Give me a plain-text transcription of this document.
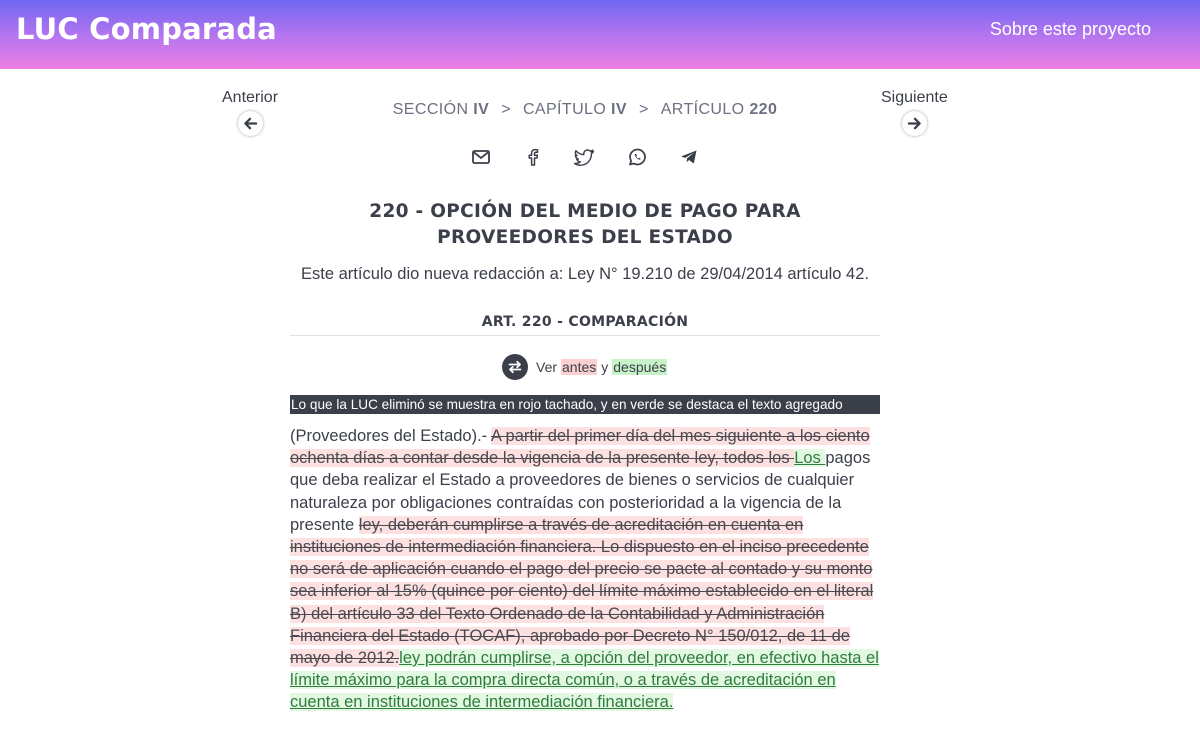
LUC Comparada	Sobre este proyecto
Anterior	Siguiente
SECCIÓN IV > CAPÍTULO IV > ARTÍCULO 220
220 - OPCIÓN DEL MEDIO DE PAGO PARA PROVEEDORES DEL ESTADO
Este artículo dio nueva redacción a: Ley N° 19.210 de 29/04/2014 artículo 42.
ART. 220 - COMPARACIÓN
Ver antes y después
Lo que la LUC eliminó se muestra en rojo tachado, y en verde se destaca el texto agregado
(Proveedores del Estado).- A partir del primer día del mes siguiente a los ciento ochenta días a contar desde la vigencia de la presente ley, todos los Los pagos que deba realizar el Estado a proveedores de bienes o servicios de cualquier naturaleza por obligaciones contraídas con posterioridad a la vigencia de la presente ley, deberán cumplirse a través de acreditación en cuenta en instituciones de intermediación financiera. Lo dispuesto en el inciso precedente no será de aplicación cuando el pago del precio se pacte al contado y su monto sea inferior al 15% (quince por ciento) del límite máximo establecido en el literal B) del artículo 33 del Texto Ordenado de la Contabilidad y Administración Financiera del Estado (TOCAF), aprobado por Decreto N° 150/012, de 11 de mayo de 2012.ley podrán cumplirse, a opción del proveedor, en efectivo hasta el límite máximo para la compra directa común, o a través de acreditación en cuenta en instituciones de intermediación financiera.
